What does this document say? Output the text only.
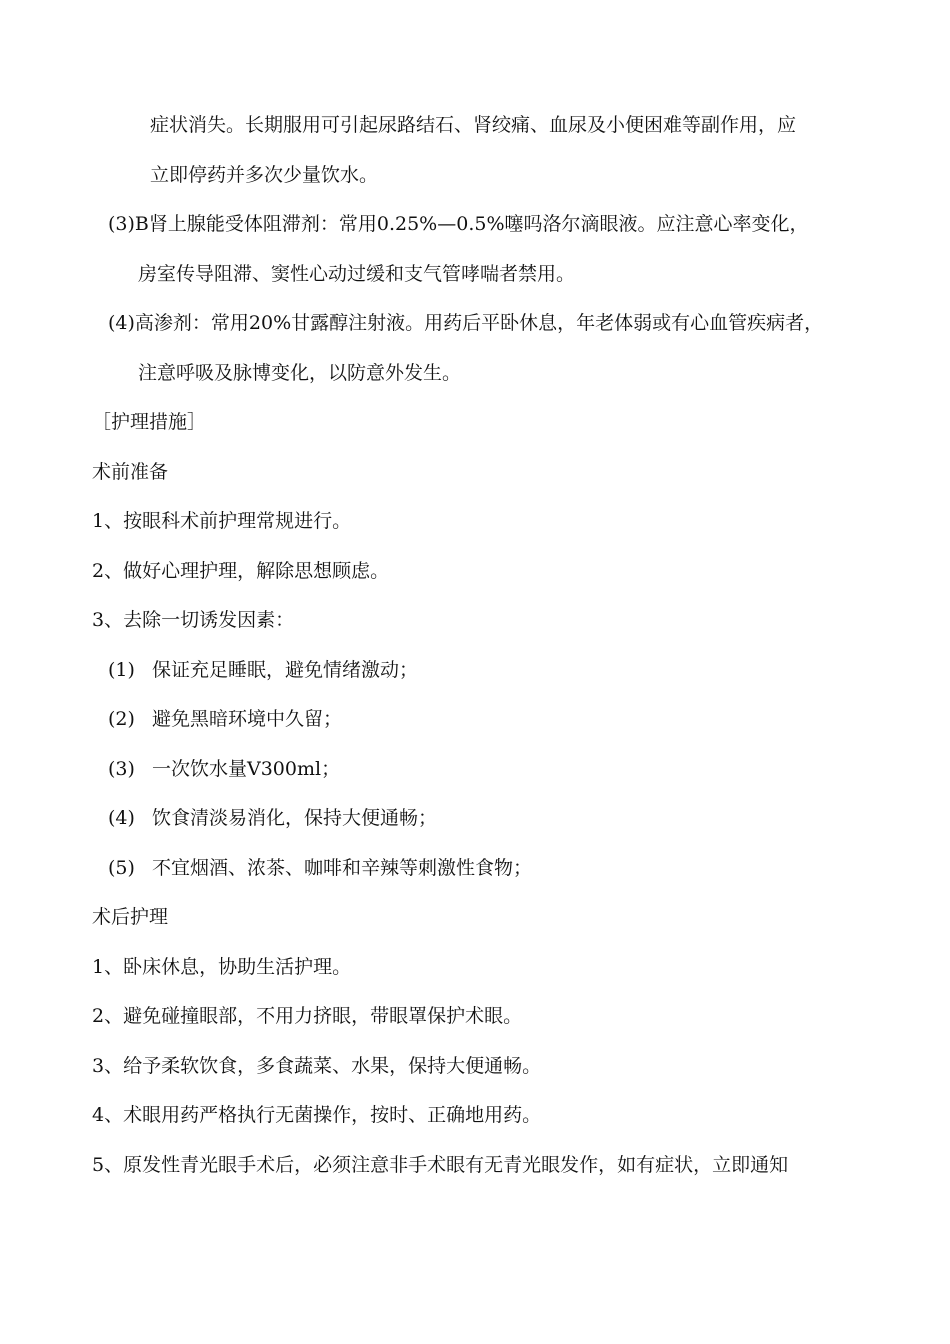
症状消失。长期服用可引起尿路结石、肾绞痛、血尿及小便困难等副作用，应
立即停药并多次少量饮水。
(3)Β肾上腺能受体阻滞剂：常用0.25%—0.5%噻吗洛尔滴眼液。应注意心率变化，
房室传导阻滞、窦性心动过缓和支气管哮喘者禁用。
(4)高渗剂：常用20%甘露醇注射液。用药后平卧休息，年老体弱或有心血管疾病者，
注意呼吸及脉博变化，以防意外发生。
［护理措施］
术前准备
1、按眼科术前护理常规进行。
2、做好心理护理，解除思想顾虑。
3、去除一切诱发因素：
(1) 保证充足睡眠，避免情绪激动；
(2) 避免黑暗环境中久留；
(3) 一次饮水量V300ml；
(4) 饮食清淡易消化，保持大便通畅；
(5) 不宜烟酒、浓茶、咖啡和辛辣等刺激性食物；
术后护理
1、卧床休息，协助生活护理。
2、避免碰撞眼部，不用力挤眼，带眼罩保护术眼。
3、给予柔软饮食，多食蔬菜、水果，保持大便通畅。
4、术眼用药严格执行无菌操作，按时、正确地用药。
5、原发性青光眼手术后，必须注意非手术眼有无青光眼发作，如有症状，立即通知
